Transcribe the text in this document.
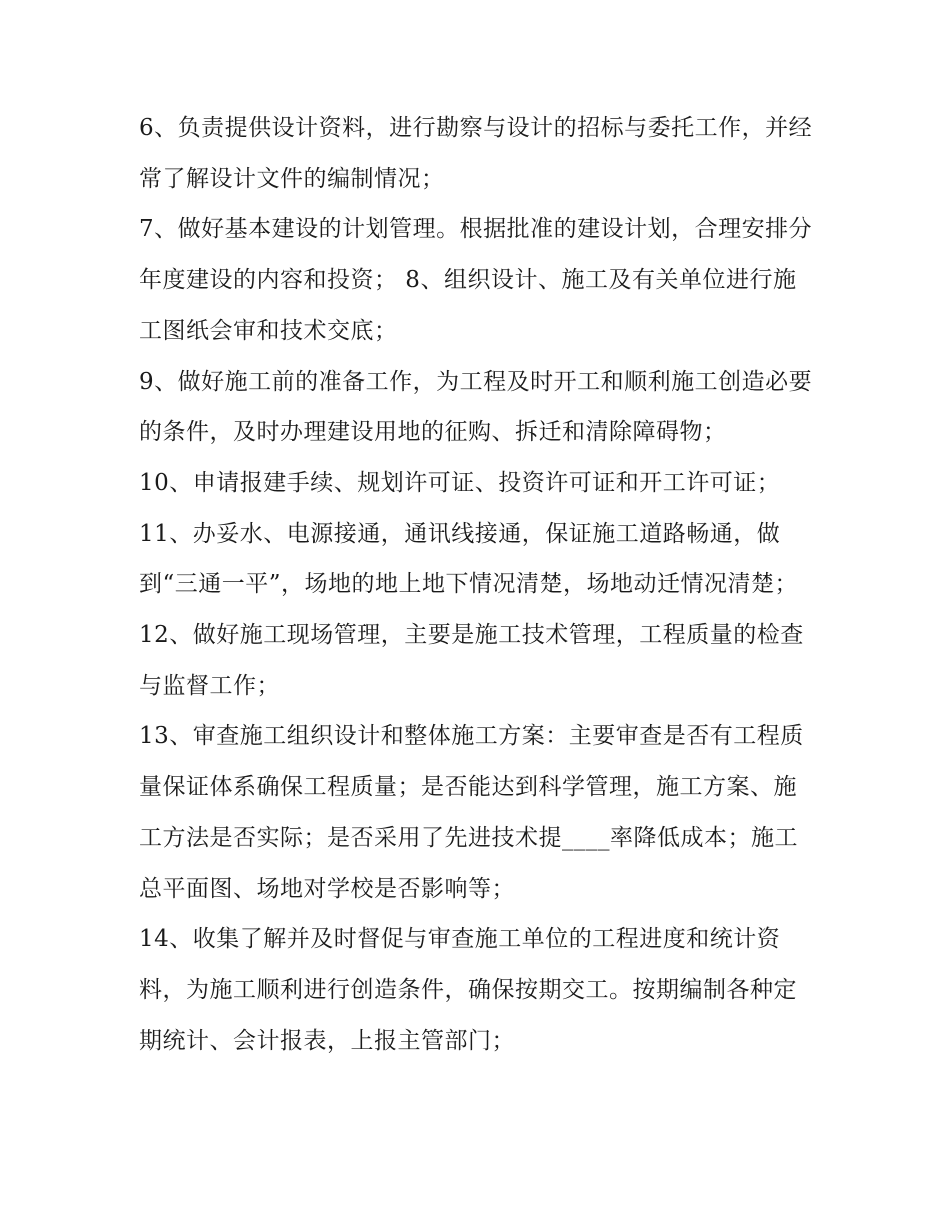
6、负责提供设计资料，进行勘察与设计的招标与委托工作，并经常了解设计文件的编制情况；

7、做好基本建设的计划管理。根据批准的建设计划，合理安排分年度建设的内容和投资； 8、组织设计、施工及有关单位进行施工图纸会审和技术交底；

9、做好施工前的准备工作，为工程及时开工和顺利施工创造必要的条件，及时办理建设用地的征购、拆迁和清除障碍物；

10、申请报建手续、规划许可证、投资许可证和开工许可证；

11、办妥水、电源接通，通讯线接通，保证施工道路畅通，做到“三通一平”，场地的地上地下情况清楚，场地动迁情况清楚；

12、做好施工现场管理，主要是施工技术管理，工程质量的检查与监督工作；

13、审查施工组织设计和整体施工方案：主要审查是否有工程质量保证体系确保工程质量；是否能达到科学管理，施工方案、施工方法是否实际；是否采用了先进技术提____率降低成本；施工总平面图、场地对学校是否影响等；

14、收集了解并及时督促与审查施工单位的工程进度和统计资料，为施工顺利进行创造条件，确保按期交工。按期编制各种定期统计、会计报表，上报主管部门；
